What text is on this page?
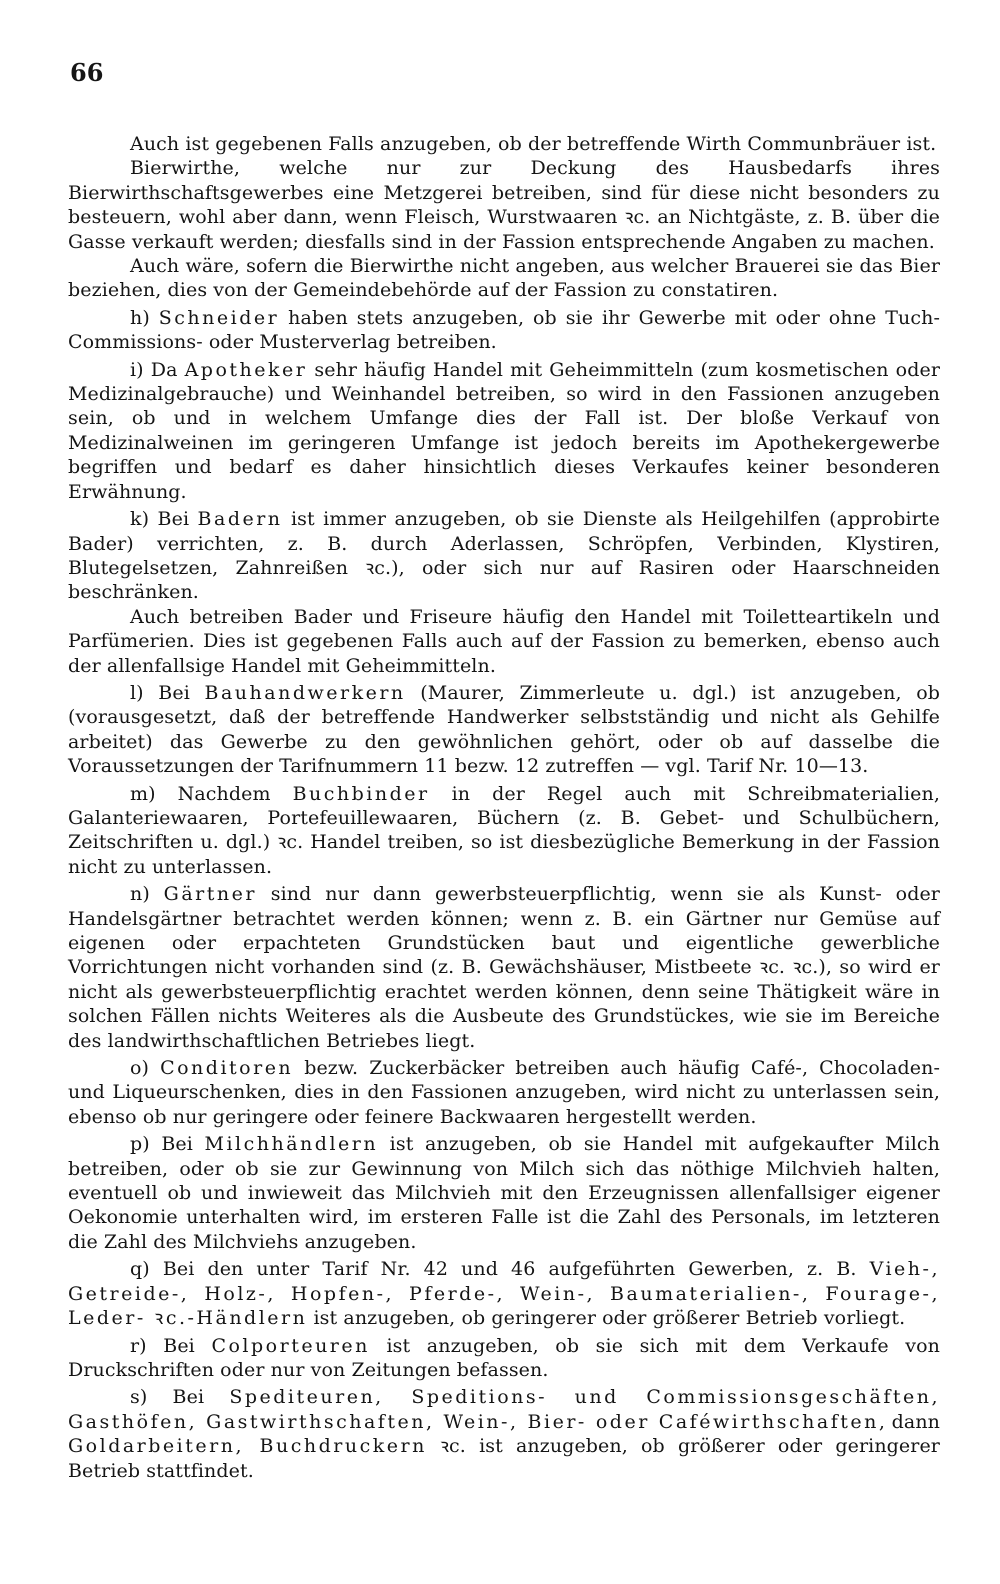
66

Auch ist gegebenen Falls anzugeben, ob der betreffende Wirth Communbräuer ist.

Bierwirthe, welche nur zur Deckung des Hausbedarfs ihres Bierwirthschaftsgewerbes eine Metzgerei betreiben, sind für diese nicht besonders zu besteuern, wohl aber dann, wenn Fleisch, Wurstwaaren ꝛc. an Nichtgäste, z. B. über die Gasse verkauft werden; diesfalls sind in der Fassion entsprechende Angaben zu machen.

Auch wäre, sofern die Bierwirthe nicht angeben, aus welcher Brauerei sie das Bier beziehen, dies von der Gemeindebehörde auf der Fassion zu constatiren.

h) Schneider haben stets anzugeben, ob sie ihr Gewerbe mit oder ohne Tuch-Commissions- oder Musterverlag betreiben.

i) Da Apotheker sehr häufig Handel mit Geheimmitteln (zum kosmetischen oder Medizinalgebrauche) und Weinhandel betreiben, so wird in den Fassionen anzugeben sein, ob und in welchem Umfange dies der Fall ist. Der bloße Verkauf von Medizinalweinen im geringeren Umfange ist jedoch bereits im Apothekergewerbe begriffen und bedarf es daher hinsichtlich dieses Verkaufes keiner besonderen Erwähnung.

k) Bei Badern ist immer anzugeben, ob sie Dienste als Heilgehilfen (approbirte Bader) verrichten, z. B. durch Aderlassen, Schröpfen, Verbinden, Klystiren, Blutegelsetzen, Zahnreißen ꝛc.), oder sich nur auf Rasiren oder Haarschneiden beschränken.

Auch betreiben Bader und Friseure häufig den Handel mit Toiletteartikeln und Parfümerien. Dies ist gegebenen Falls auch auf der Fassion zu bemerken, ebenso auch der allenfallsige Handel mit Geheimmitteln.

l) Bei Bauhandwerkern (Maurer, Zimmerleute u. dgl.) ist anzugeben, ob (vorausgesetzt, daß der betreffende Handwerker selbstständig und nicht als Gehilfe arbeitet) das Gewerbe zu den gewöhnlichen gehört, oder ob auf dasselbe die Voraussetzungen der Tarifnummern 11 bezw. 12 zutreffen — vgl. Tarif Nr. 10—13.

m) Nachdem Buchbinder in der Regel auch mit Schreibmaterialien, Galanteriewaaren, Portefeuillewaaren, Büchern (z. B. Gebet- und Schulbüchern, Zeitschriften u. dgl.) ꝛc. Handel treiben, so ist diesbezügliche Bemerkung in der Fassion nicht zu unterlassen.

n) Gärtner sind nur dann gewerbsteuerpflichtig, wenn sie als Kunst- oder Handelsgärtner betrachtet werden können; wenn z. B. ein Gärtner nur Gemüse auf eigenen oder erpachteten Grundstücken baut und eigentliche gewerbliche Vorrichtungen nicht vorhanden sind (z. B. Gewächshäuser, Mistbeete ꝛc. ꝛc.), so wird er nicht als gewerbsteuerpflichtig erachtet werden können, denn seine Thätigkeit wäre in solchen Fällen nichts Weiteres als die Ausbeute des Grundstückes, wie sie im Bereiche des landwirthschaftlichen Betriebes liegt.

o) Conditoren bezw. Zuckerbäcker betreiben auch häufig Café-, Chocoladen- und Liqueurschenken, dies in den Fassionen anzugeben, wird nicht zu unterlassen sein, ebenso ob nur geringere oder feinere Backwaaren hergestellt werden.

p) Bei Milchhändlern ist anzugeben, ob sie Handel mit aufgekaufter Milch betreiben, oder ob sie zur Gewinnung von Milch sich das nöthige Milchvieh halten, eventuell ob und inwieweit das Milchvieh mit den Erzeugnissen allenfallsiger eigener Oekonomie unterhalten wird, im ersteren Falle ist die Zahl des Personals, im letzteren die Zahl des Milchviehs anzugeben.

q) Bei den unter Tarif Nr. 42 und 46 aufgeführten Gewerben, z. B. Vieh-, Getreide-, Holz-, Hopfen-, Pferde-, Wein-, Baumaterialien-, Fourage-, Leder- ꝛc.-Händlern ist anzugeben, ob geringerer oder größerer Betrieb vorliegt.

r) Bei Colporteuren ist anzugeben, ob sie sich mit dem Verkaufe von Druckschriften oder nur von Zeitungen befassen.

s) Bei Spediteuren, Speditions- und Commissionsgeschäften, Gasthöfen, Gastwirthschaften, Wein-, Bier- oder Caféwirthschaften, dann Goldarbeitern, Buchdruckern ꝛc. ist anzugeben, ob größerer oder geringerer Betrieb stattfindet.
